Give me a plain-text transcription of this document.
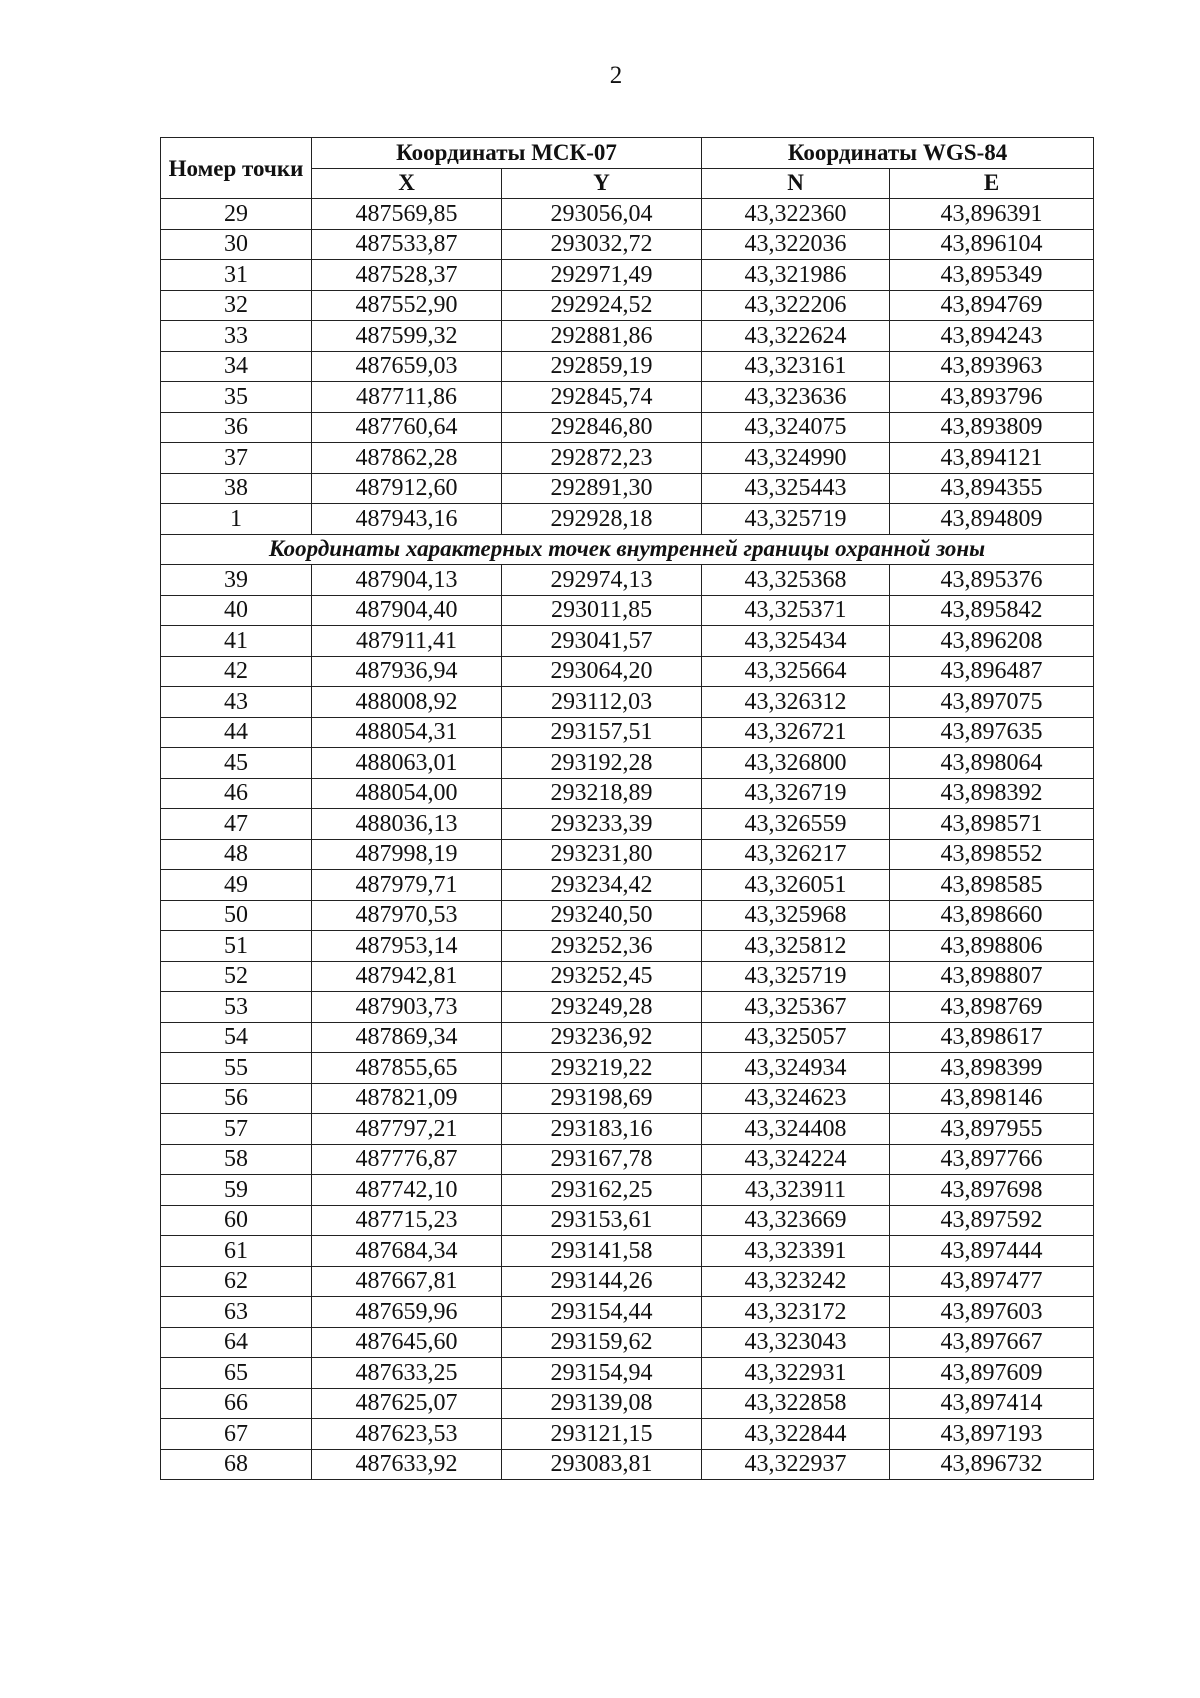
2
Номер точки	Координаты МСК-07		Координаты WGS-84	
	X	Y	N	E
29	487569,85	293056,04	43,322360	43,896391
30	487533,87	293032,72	43,322036	43,896104
31	487528,37	292971,49	43,321986	43,895349
32	487552,90	292924,52	43,322206	43,894769
33	487599,32	292881,86	43,322624	43,894243
34	487659,03	292859,19	43,323161	43,893963
35	487711,86	292845,74	43,323636	43,893796
36	487760,64	292846,80	43,324075	43,893809
37	487862,28	292872,23	43,324990	43,894121
38	487912,60	292891,30	43,325443	43,894355
1	487943,16	292928,18	43,325719	43,894809
Координаты характерных точек внутренней границы охранной зоны				
39	487904,13	292974,13	43,325368	43,895376
40	487904,40	293011,85	43,325371	43,895842
41	487911,41	293041,57	43,325434	43,896208
42	487936,94	293064,20	43,325664	43,896487
43	488008,92	293112,03	43,326312	43,897075
44	488054,31	293157,51	43,326721	43,897635
45	488063,01	293192,28	43,326800	43,898064
46	488054,00	293218,89	43,326719	43,898392
47	488036,13	293233,39	43,326559	43,898571
48	487998,19	293231,80	43,326217	43,898552
49	487979,71	293234,42	43,326051	43,898585
50	487970,53	293240,50	43,325968	43,898660
51	487953,14	293252,36	43,325812	43,898806
52	487942,81	293252,45	43,325719	43,898807
53	487903,73	293249,28	43,325367	43,898769
54	487869,34	293236,92	43,325057	43,898617
55	487855,65	293219,22	43,324934	43,898399
56	487821,09	293198,69	43,324623	43,898146
57	487797,21	293183,16	43,324408	43,897955
58	487776,87	293167,78	43,324224	43,897766
59	487742,10	293162,25	43,323911	43,897698
60	487715,23	293153,61	43,323669	43,897592
61	487684,34	293141,58	43,323391	43,897444
62	487667,81	293144,26	43,323242	43,897477
63	487659,96	293154,44	43,323172	43,897603
64	487645,60	293159,62	43,323043	43,897667
65	487633,25	293154,94	43,322931	43,897609
66	487625,07	293139,08	43,322858	43,897414
67	487623,53	293121,15	43,322844	43,897193
68	487633,92	293083,81	43,322937	43,896732
